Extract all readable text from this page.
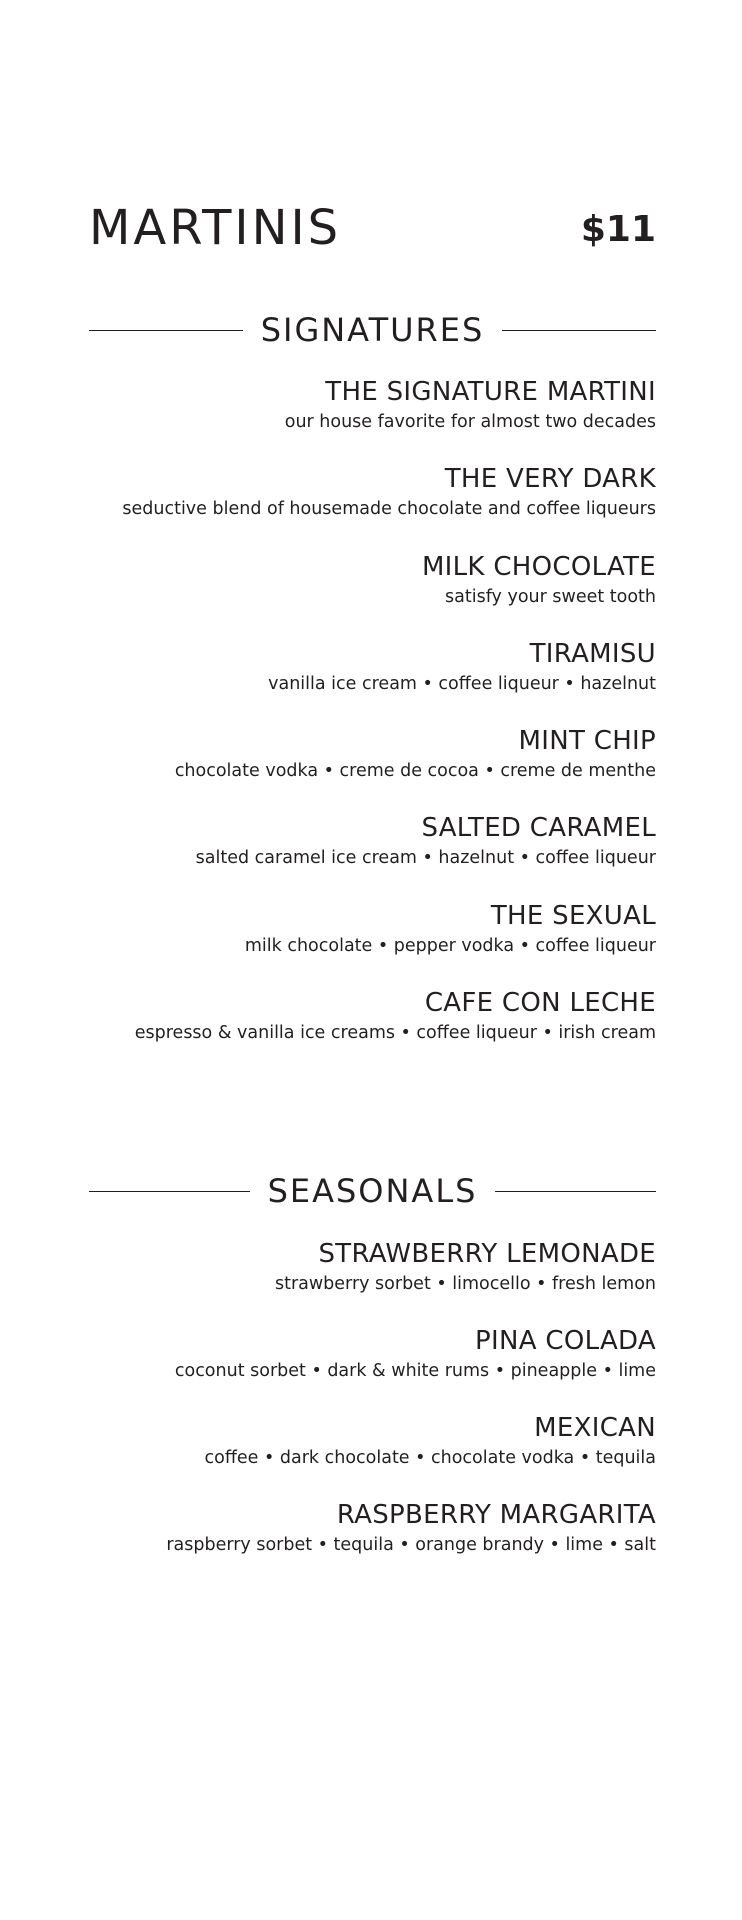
MARTINIS	$11
SIGNATURES
THE SIGNATURE MARTINI
our house favorite for almost two decades
THE VERY DARK
seductive blend of housemade chocolate and coffee liqueurs
MILK CHOCOLATE
satisfy your sweet tooth
TIRAMISU
vanilla ice cream • coffee liqueur • hazelnut
MINT CHIP
chocolate vodka • creme de cocoa • creme de menthe
SALTED CARAMEL
salted caramel ice cream • hazelnut • coffee liqueur
THE SEXUAL
milk chocolate • pepper vodka • coffee liqueur
CAFE CON LECHE
espresso & vanilla ice creams • coffee liqueur • irish cream
SEASONALS
STRAWBERRY LEMONADE
strawberry sorbet • limocello • fresh lemon
PINA COLADA
coconut sorbet • dark & white rums • pineapple • lime
MEXICAN
coffee • dark chocolate • chocolate vodka • tequila
RASPBERRY MARGARITA
raspberry sorbet • tequila • orange brandy • lime • salt
